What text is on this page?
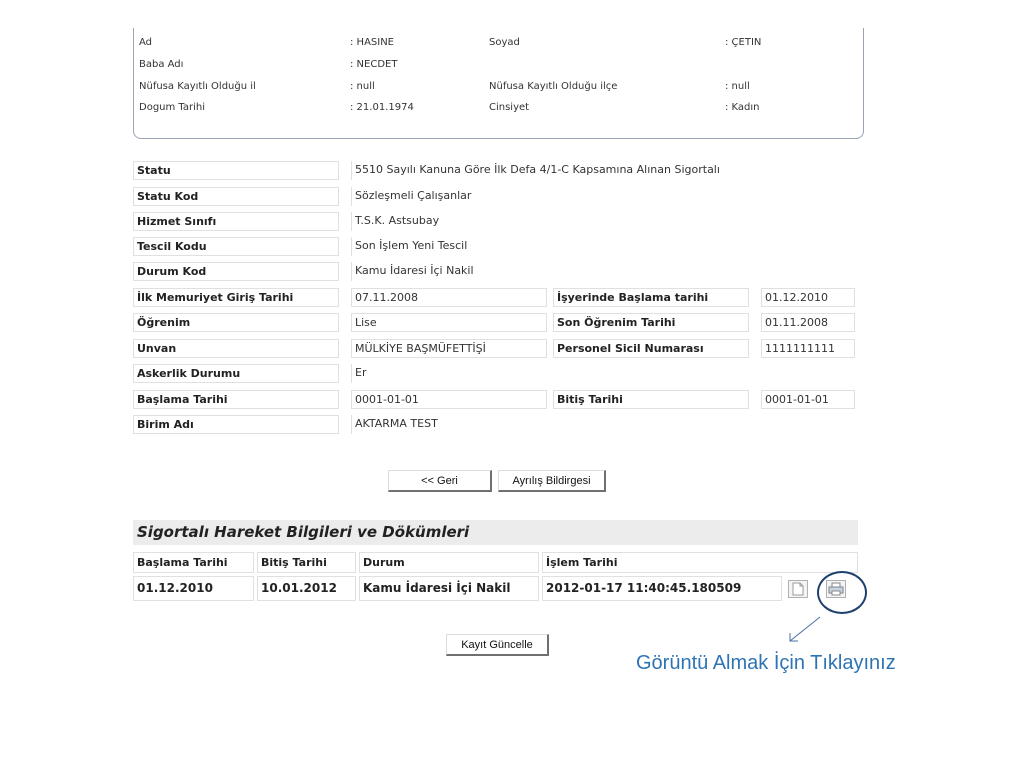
Ad	: HASINE	Soyad	: ÇETIN
Baba Adı	: NECDET
Nüfusa Kayıtlı Olduğu il	: null	Nüfusa Kayıtlı Olduğu ilçe	: null
Dogum Tarihi	: 21.01.1974	Cinsiyet	: Kadın
Statu	5510 Sayılı Kanuna Göre İlk Defa 4/1-C Kapsamına Alınan Sigortalı
Statu Kod	Sözleşmeli Çalışanlar
Hizmet Sınıfı	T.S.K. Astsubay
Tescil Kodu	Son İşlem Yeni Tescil
Durum Kod	Kamu İdaresi İçi Nakil
İlk Memuriyet Giriş Tarihi	07.11.2008	İşyerinde Başlama tarihi	01.12.2010
Öğrenim	Lise	Son Öğrenim Tarihi	01.11.2008
Unvan	MÜLKİYE BAŞMÜFETTİŞİ	Personel Sicil Numarası	1111111111
Askerlik Durumu	Er
Başlama Tarihi	0001-01-01	Bitiş Tarihi	0001-01-01
Birim Adı	AKTARMA TEST
<< Geri	Ayrılış Bildirgesi
Sigortalı Hareket Bilgileri ve Dökümleri
Başlama Tarihi	Bitiş Tarihi	Durum	İşlem Tarihi
01.12.2010	10.01.2012	Kamu İdaresi İçi Nakil	2012-01-17 11:40:45.180509
Kayıt Güncelle
Görüntü Almak İçin Tıklayınız
